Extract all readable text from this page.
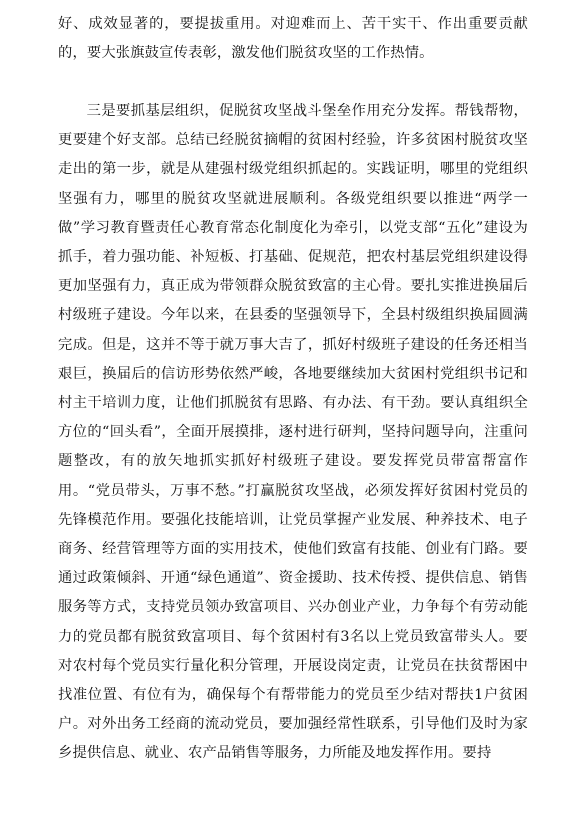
好、成效显著的，要提拔重用。对迎难而上、苦干实干、作出重要贡献的，要大张旗鼓宣传表彰，激发他们脱贫攻坚的工作热情。

三是要抓基层组织，促脱贫攻坚战斗堡垒作用充分发挥。帮钱帮物，更要建个好支部。总结已经脱贫摘帽的贫困村经验，许多贫困村脱贫攻坚走出的第一步，就是从建强村级党组织抓起的。实践证明，哪里的党组织坚强有力，哪里的脱贫攻坚就进展顺利。各级党组织要以推进“两学一做”学习教育暨责任心教育常态化制度化为牵引，以党支部“五化”建设为抓手，着力强功能、补短板、打基础、促规范，把农村基层党组织建设得更加坚强有力，真正成为带领群众脱贫致富的主心骨。要扎实推进换届后村级班子建设。今年以来，在县委的坚强领导下，全县村级组织换届圆满完成。但是，这并不等于就万事大吉了，抓好村级班子建设的任务还相当艰巨，换届后的信访形势依然严峻，各地要继续加大贫困村党组织书记和村主干培训力度，让他们抓脱贫有思路、有办法、有干劲。要认真组织全方位的“回头看”，全面开展摸排，逐村进行研判，坚持问题导向，注重问题整改，有的放矢地抓实抓好村级班子建设。要发挥党员带富帮富作用。“党员带头，万事不愁。”打赢脱贫攻坚战，必须发挥好贫困村党员的先锋模范作用。要强化技能培训，让党员掌握产业发展、种养技术、电子商务、经营管理等方面的实用技术，使他们致富有技能、创业有门路。要通过政策倾斜、开通“绿色通道”、资金援助、技术传授、提供信息、销售服务等方式，支持党员领办致富项目、兴办创业产业，力争每个有劳动能力的党员都有脱贫致富项目、每个贫困村有3名以上党员致富带头人。要对农村每个党员实行量化积分管理，开展设岗定责，让党员在扶贫帮困中找准位置、有位有为，确保每个有帮带能力的党员至少结对帮扶1户贫困户。对外出务工经商的流动党员，要加强经常性联系，引导他们及时为家乡提供信息、就业、农产品销售等服务，力所能及地发挥作用。要持
